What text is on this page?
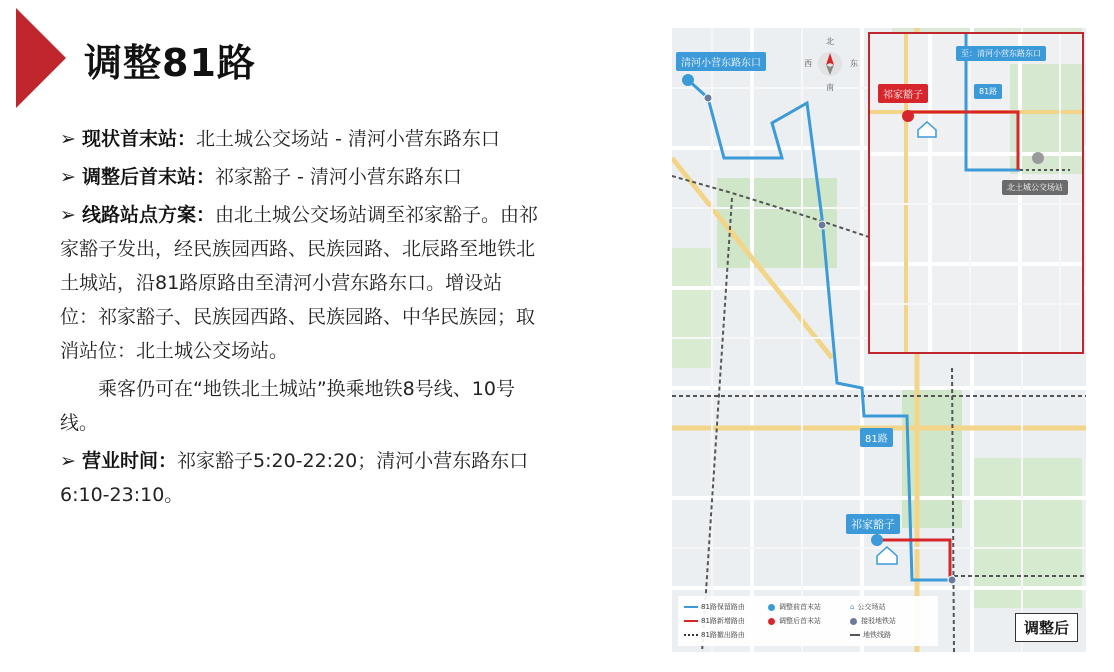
调整81路

➢ 现状首末站：北土城公交场站 - 清河小营东路东口

➢ 调整后首末站：祁家豁子 - 清河小营东路东口

➢ 线路站点方案：由北土城公交场站调至祁家豁子。由祁家豁子发出，经民族园西路、民族园路、北辰路至地铁北土城站，沿81路原路由至清河小营东路东口。增设站位：祁家豁子、民族园西路、民族园路、中华民族园；取消站位：北土城公交场站。

乘客仍可在“地铁北土城站”换乘地铁8号线、10号线。

➢ 营业时间：祁家豁子5:20-22:20；清河小营东路东口6:10-23:10。

清河小营东路东口
祁家豁子
81路
北
南
西	东
至：清河小营东路东口
祁家豁子	81路
北土城公交场站
81路保留路由
81路新增路由
81路撤出路由
调整前首末站
调整后首末站
⌂ 公交场站
接驳地铁站
地铁线路	调整后
